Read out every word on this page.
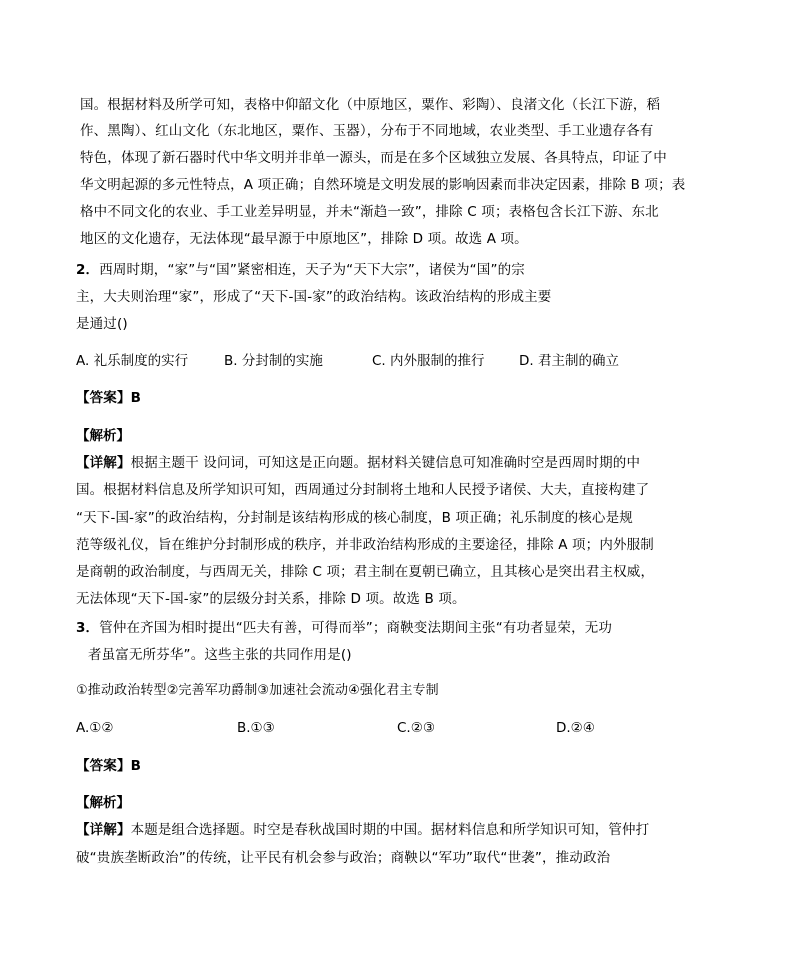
国。根据材料及所学可知，表格中仰韶文化（中原地区，粟作、彩陶）、良渚文化（长江下游，稻
作、黑陶）、红山文化（东北地区，粟作、玉器），分布于不同地域，农业类型、手工业遗存各有
特色，体现了新石器时代中华文明并非单一源头，而是在多个区域独立发展、各具特点，印证了中
华文明起源的多元性特点，A 项正确；自然环境是文明发展的影响因素而非决定因素，排除 B 项；表
格中不同文化的农业、手工业差异明显，并未“渐趋一致”，排除 C 项；表格包含长江下游、东北
地区的文化遗存，无法体现“最早源于中原地区”，排除 D 项。故选 A 项。
2．西周时期，“家”与“国”紧密相连，天子为“天下大宗”，诸侯为“国”的宗
主，大夫则治理“家”，形成了“天下-国-家”的政治结构。该政治结构的形成主要
是通过()
A. 礼乐制度的实行	B. 分封制的实施	C. 内外服制的推行	D. 君主制的确立
【答案】B
【解析】
【详解】根据主题干 设问词，可知这是正向题。据材料关键信息可知准确时空是西周时期的中
国。根据材料信息及所学知识可知，西周通过分封制将土地和人民授予诸侯、大夫，直接构建了
“天下-国-家”的政治结构，分封制是该结构形成的核心制度，B 项正确；礼乐制度的核心是规
范等级礼仪，旨在维护分封制形成的秩序，并非政治结构形成的主要途径，排除 A 项；内外服制
是商朝的政治制度，与西周无关，排除 C 项；君主制在夏朝已确立，且其核心是突出君主权威，
无法体现“天下-国-家”的层级分封关系，排除 D 项。故选 B 项。
3．管仲在齐国为相时提出“匹夫有善，可得而举”；商鞅变法期间主张“有功者显荣，无功
者虽富无所芬华”。这些主张的共同作用是()
①推动政治转型②完善军功爵制③加速社会流动④强化君主专制
A.①②	B.①③	C.②③	D.②④
【答案】B
【解析】
【详解】本题是组合选择题。时空是春秋战国时期的中国。据材料信息和所学知识可知，管仲打
破“贵族垄断政治”的传统，让平民有机会参与政治；商鞅以“军功”取代“世袭”，推动政治
